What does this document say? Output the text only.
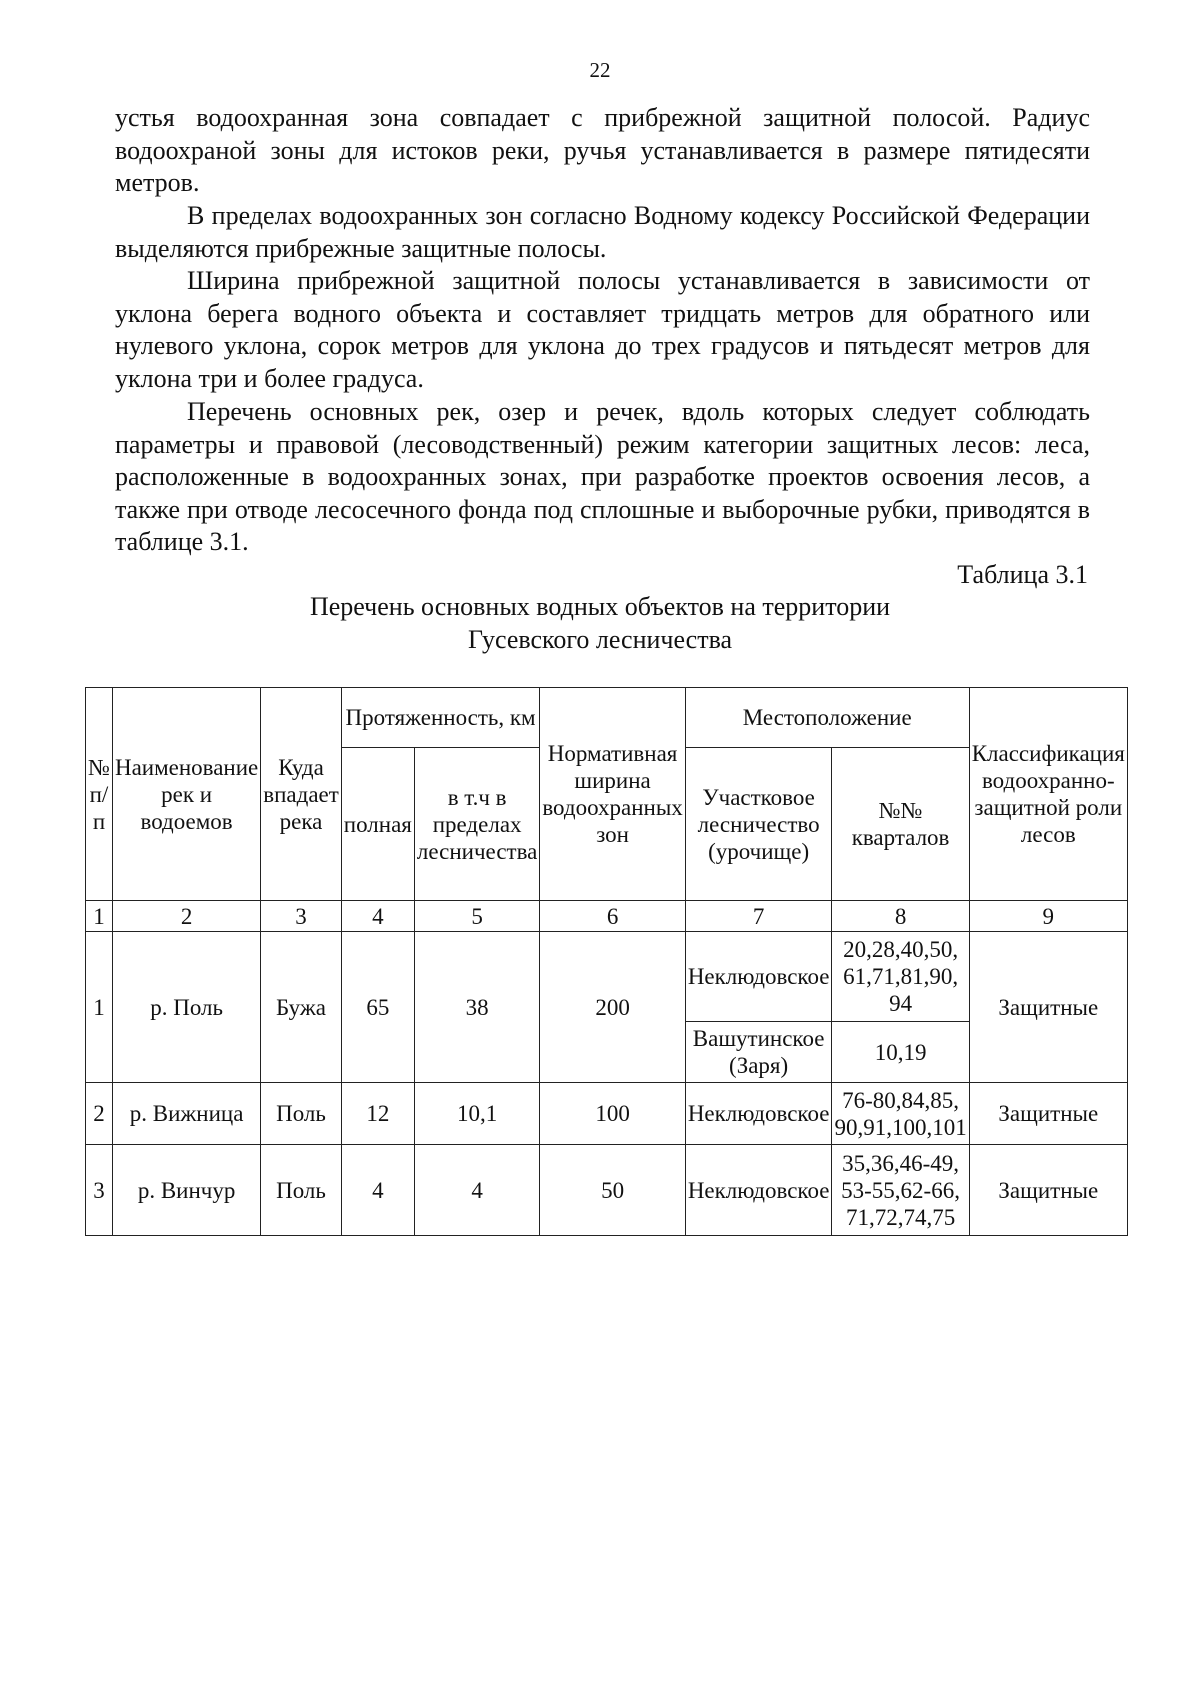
22

устья водоохранная зона совпадает с прибрежной защитной полосой. Радиус водоохраной зоны для истоков реки, ручья устанавливается в размере пятидесяти метров.

В пределах водоохранных зон согласно Водному кодексу Российской Федерации выделяются прибрежные защитные полосы.

Ширина прибрежной защитной полосы устанавливается в зависимости от уклона берега водного объекта и составляет тридцать метров для обратного или нулевого уклона, сорок метров для уклона до трех градусов и пятьдесят метров для уклона три и более градуса.

Перечень основных рек, озер и речек, вдоль которых следует соблюдать параметры и правовой (лесоводственный) режим категории защитных лесов: леса, расположенные в водоохранных зонах, при разработке проектов освоения лесов, а также при отводе лесосечного фонда под сплошные и выборочные рубки, приводятся в таблице 3.1.

Таблица 3.1
Перечень основных водных объектов на территории
Гусевского лесничества
№ п/п	Наименование рек и водоемов	Куда впадает река	Протяженность, км		Нормативная ширина водоохранных зон	Местоположение		Классификация водоохранно-защитной роли лесов
			полная	в т.ч в пределах лесничества		Участковое лесничество (урочище)	№№ кварталов	
1	2	3	4	5	6	7	8	9
1	р. Поль	Бужа	65	38	200	Неклюдовское	20,28,40,50, 61,71,81,90, 94	Защитные
						Вашутинское (Заря)	10,19	
2	р. Вижница	Поль	12	10,1	100	Неклюдовское	76-80,84,85, 90,91,100,101	Защитные
3	р. Винчур	Поль	4	4	50	Неклюдовское	35,36,46-49, 53-55,62-66, 71,72,74,75	Защитные
